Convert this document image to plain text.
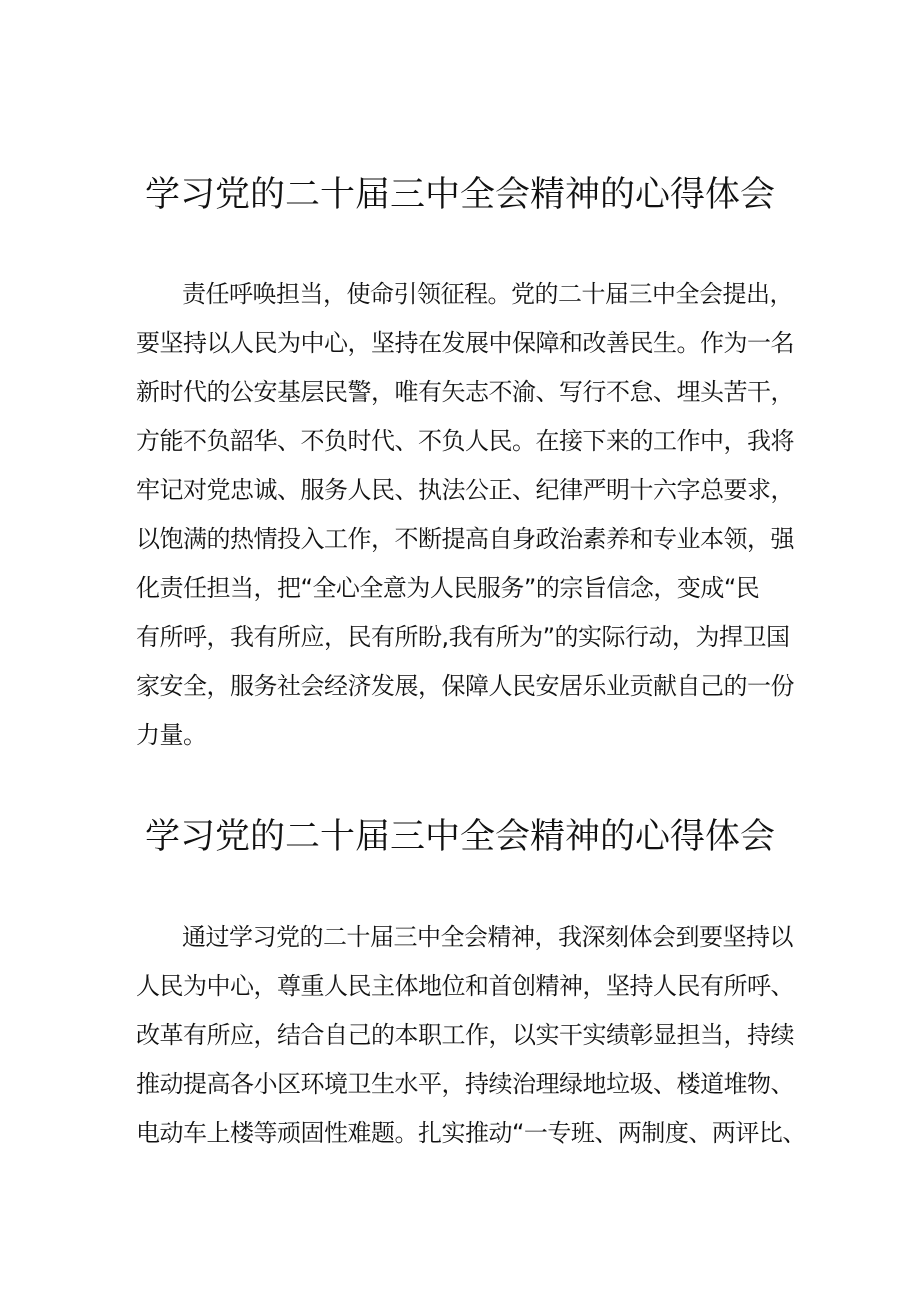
学习党的二十届三中全会精神的心得体会
责任呼唤担当，使命引领征程。党的二十届三中全会提出，
要坚持以人民为中心，坚持在发展中保障和改善民生。作为一名
新时代的公安基层民警，唯有矢志不渝、写行不怠、埋头苦干，
方能不负韶华、不负时代、不负人民。在接下来的工作中，我将
牢记对党忠诚、服务人民、执法公正、纪律严明十六字总要求，
以饱满的热情投入工作，不断提高自身政治素养和专业本领，强
化责任担当，把“全心全意为人民服务”的宗旨信念，变成“民
有所呼，我有所应，民有所盼,我有所为”的实际行动，为捍卫国
家安全，服务社会经济发展，保障人民安居乐业贡献自己的一份
力量。
学习党的二十届三中全会精神的心得体会
通过学习党的二十届三中全会精神，我深刻体会到要坚持以
人民为中心，尊重人民主体地位和首创精神，坚持人民有所呼、
改革有所应，结合自己的本职工作，以实干实绩彰显担当，持续
推动提高各小区环境卫生水平，持续治理绿地垃圾、楼道堆物、
电动车上楼等顽固性难题。扎实推动“一专班、两制度、两评比、
